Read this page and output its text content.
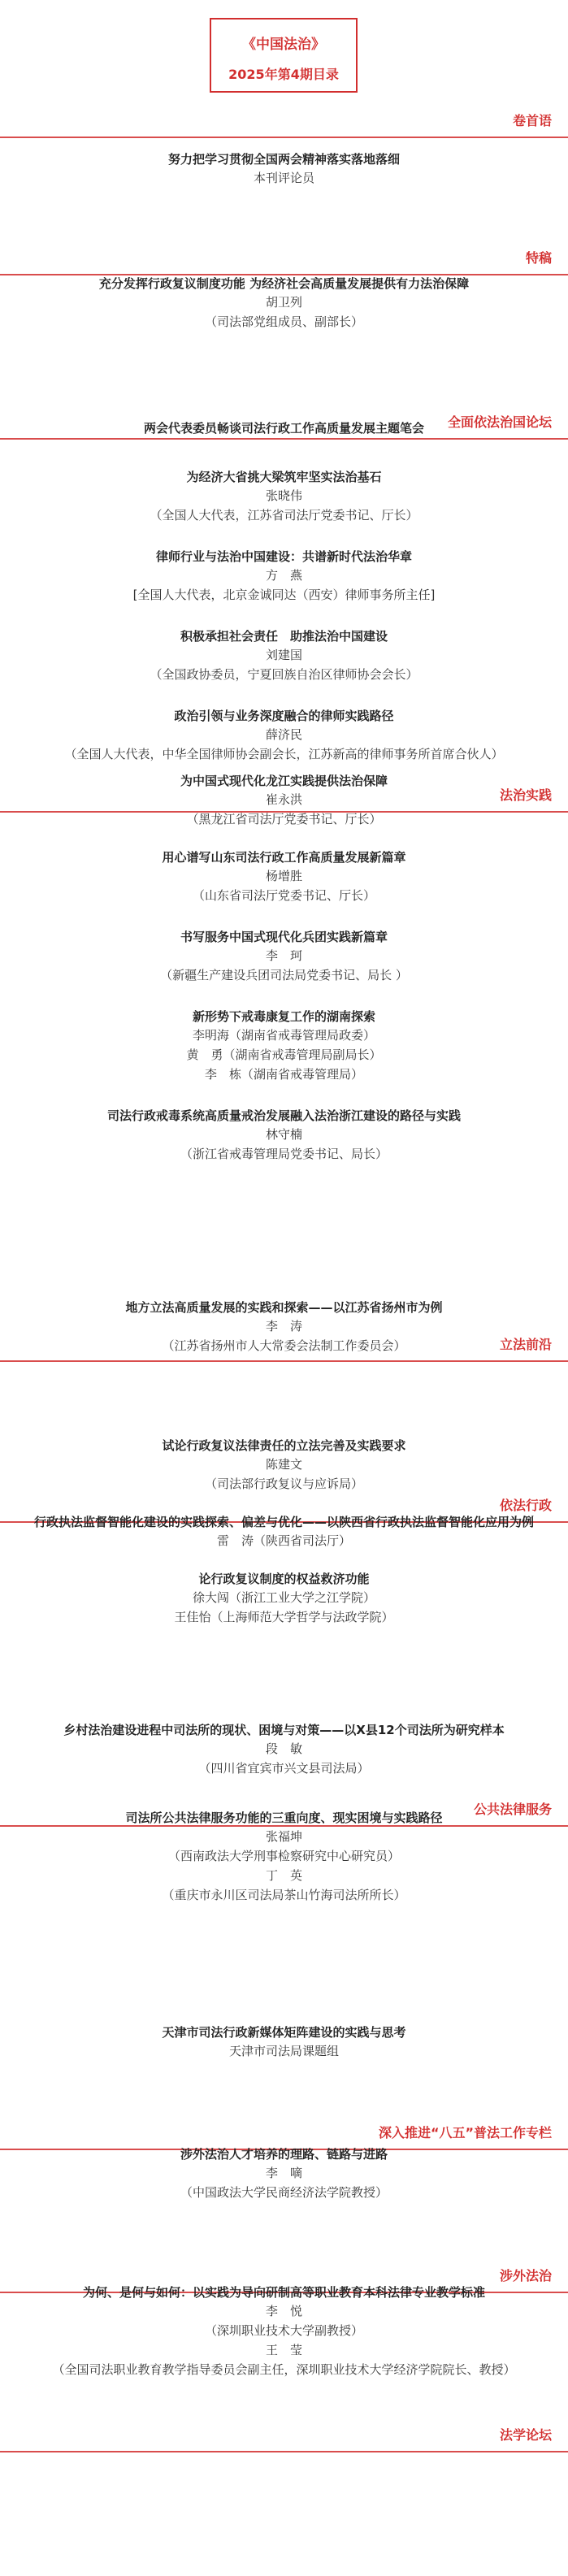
《中国法治》
2025年第4期目录
卷首语
努力把学习贯彻全国两会精神落实落地落细
本刊评论员
特稿
充分发挥行政复议制度功能 为经济社会高质量发展提供有力法治保障
胡卫列
（司法部党组成员、副部长）
全面依法治国论坛
两会代表委员畅谈司法行政工作高质量发展主题笔会
为经济大省挑大梁筑牢坚实法治基石
张晓伟
（全国人大代表，江苏省司法厅党委书记、厅长）
律师行业与法治中国建设：共谱新时代法治华章
方　燕
[全国人大代表，北京金诚同达（西安）律师事务所主任]
积极承担社会责任　助推法治中国建设
刘建国
（全国政协委员，宁夏回族自治区律师协会会长）
政治引领与业务深度融合的律师实践路径
薛济民
（全国人大代表，中华全国律师协会副会长，江苏新高的律师事务所首席合伙人）
法治实践
为中国式现代化龙江实践提供法治保障
崔永洪
（黑龙江省司法厅党委书记、厅长）
用心谱写山东司法行政工作高质量发展新篇章
杨增胜
（山东省司法厅党委书记、厅长）
书写服务中国式现代化兵团实践新篇章
李　珂
（新疆生产建设兵团司法局党委书记、局长 ）
新形势下戒毒康复工作的湖南探索
李明海（湖南省戒毒管理局政委）
黄　勇（湖南省戒毒管理局副局长）
李　栋（湖南省戒毒管理局）
司法行政戒毒系统高质量戒治发展融入法治浙江建设的路径与实践
林守楠
（浙江省戒毒管理局党委书记、局长）
立法前沿
地方立法高质量发展的实践和探索——以江苏省扬州市为例
李　涛
（江苏省扬州市人大常委会法制工作委员会）
依法行政
试论行政复议法律责任的立法完善及实践要求
陈建文
（司法部行政复议与应诉局）
行政执法监督智能化建设的实践探索、偏差与优化——以陕西省行政执法监督智能化应用为例
雷　涛（陕西省司法厅）
论行政复议制度的权益救济功能
徐大闯（浙江工业大学之江学院）
王佳怡（上海师范大学哲学与法政学院）
公共法律服务
乡村法治建设进程中司法所的现状、困境与对策——以X县12个司法所为研究样本
段　敏
（四川省宜宾市兴文县司法局）
司法所公共法律服务功能的三重向度、现实困境与实践路径
张福坤
（西南政法大学刑事检察研究中心研究员）
丁　英
（重庆市永川区司法局茶山竹海司法所所长）
深入推进“八五”普法工作专栏
天津市司法行政新媒体矩阵建设的实践与思考
天津市司法局课题组
涉外法治
涉外法治人才培养的理路、链路与进路
李　嘀
（中国政法大学民商经济法学院教授）
法学论坛
为何、是何与如何：以实践为导向研制高等职业教育本科法律专业教学标准
李　悦
（深圳职业技术大学副教授）
王　莹
（全国司法职业教育教学指导委员会副主任，深圳职业技术大学经济学院院长、教授）
